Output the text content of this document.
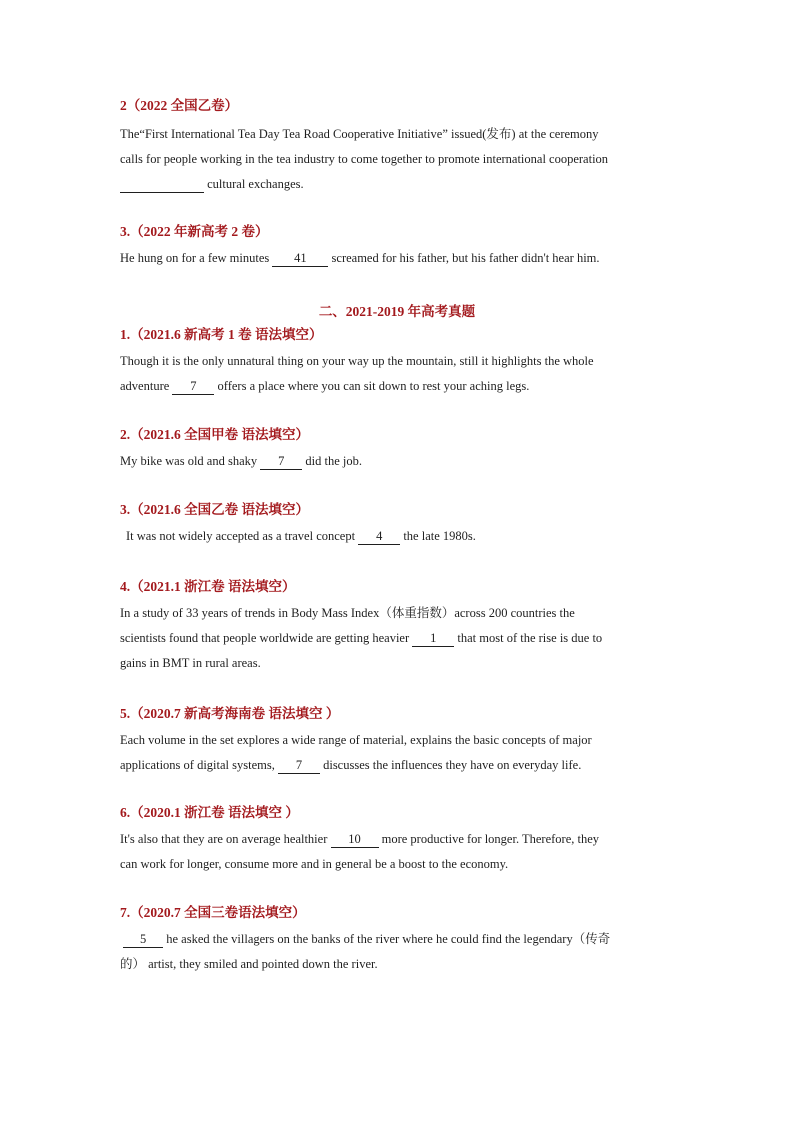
2（2022 全国乙卷）
The“First International Tea Day Tea Road Cooperative Initiative” issued(发布) at the ceremony
calls for people working in the tea industry to come together to promote international cooperation
cultural exchanges.
3.（2022 年新高考 2 卷）
He hung on for a few minutes 41 screamed for his father, but his father didn't hear him.
二、2021-2019 年高考真题
1.（2021.6 新高考 1 卷 语法填空）
Though it is the only unnatural thing on your way up the mountain, still it highlights the whole
adventure 7 offers a place where you can sit down to rest your aching legs.
2.（2021.6 全国甲卷 语法填空）
My bike was old and shaky 7 did the job.
3.（2021.6 全国乙卷 语法填空）
It was not widely accepted as a travel concept 4 the late 1980s.
4.（2021.1 浙江卷 语法填空）
In a study of 33 years of trends in Body Mass Index（体重指数）across 200 countries the
scientists found that people worldwide are getting heavier 1 that most of the rise is due to
gains in BMT in rural areas.
5.（2020.7 新高考海南卷 语法填空 ）
Each volume in the set explores a wide range of material, explains the basic concepts of major
applications of digital systems, 7 discusses the influences they have on everyday life.
6.（2020.1 浙江卷 语法填空 ）
It's also that they are on average healthier 10 more productive for longer. Therefore, they
can work for longer, consume more and in general be a boost to the economy.
7.（2020.7 全国三卷语法填空）
5 he asked the villagers on the banks of the river where he could find the legendary（传奇
的） artist, they smiled and pointed down the river.
